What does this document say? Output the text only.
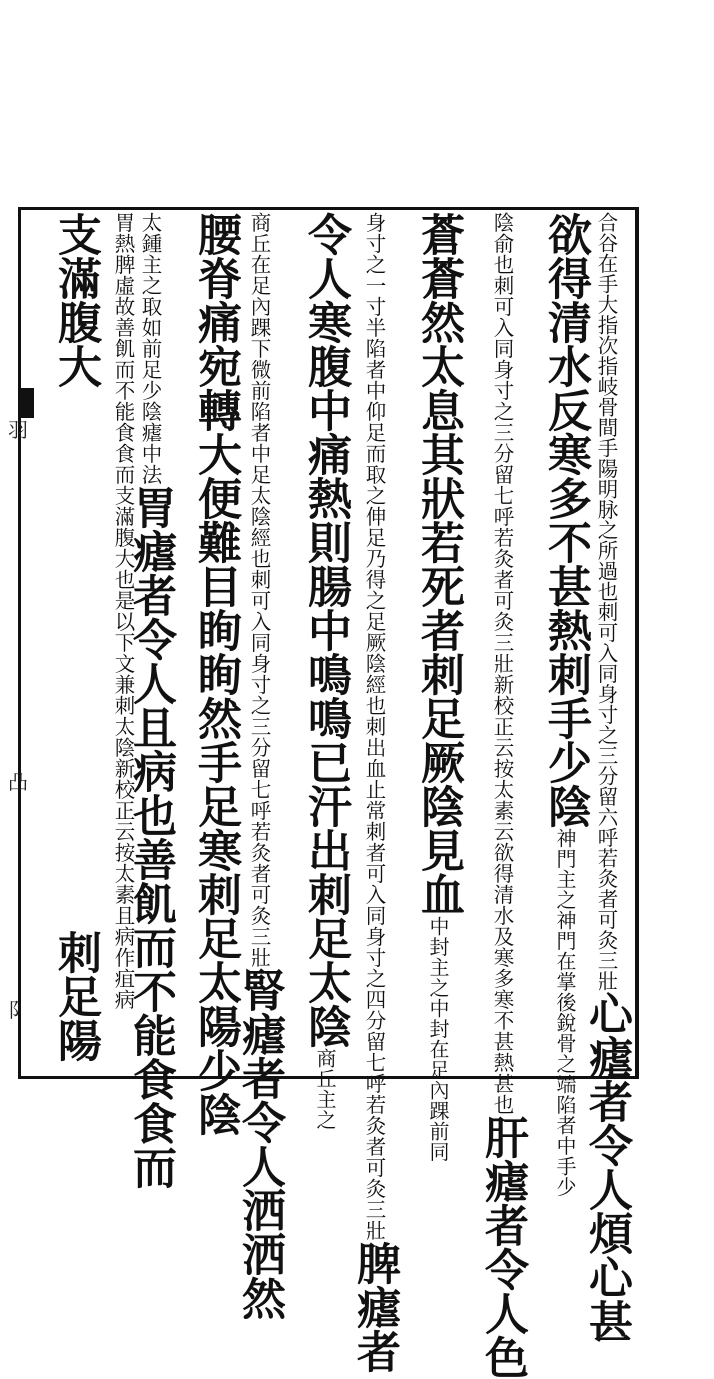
羽
凸
阝
合谷在手大指次指岐骨間手陽明脉之所過也刺可入同身寸之三分留六呼若灸者可灸三壯心瘧者令人煩心甚
欲得清水反寒多不甚熱刺手少陰神門主之神門在掌後銳骨之端陷者中手少
陰俞也刺可入同身寸之三分留七呼若灸者可灸三壯新校正云按太素云欲得清水及寒多寒不甚熱甚也肝瘧者令人色
蒼蒼然太息其狀若死者刺足厥陰見血中封主之中封在足內踝前同
身寸之一寸半陷者中仰足而取之伸足乃得之足厥陰經也刺出血止常刺者可入同身寸之四分留七呼若灸者可灸三壯脾瘧者
令人寒腹中痛熱則腸中鳴鳴已汗出刺足太陰商丘主之
商丘在足內踝下微前陷者中足太陰經也刺可入同身寸之三分留七呼若灸者可灸三壯腎瘧者令人洒洒然
腰脊痛宛轉大便難目眴眴然手足寒刺足太陽少陰
太鍾主之取如前足少陰瘧中法胃瘧者令人且病也善飢而不能食食而
胃熱脾虛故善飢而不能食食而支滿腹大也是以下文兼刺太陰新校正云按太素且病作疽病
支滿腹大
刺足陽
